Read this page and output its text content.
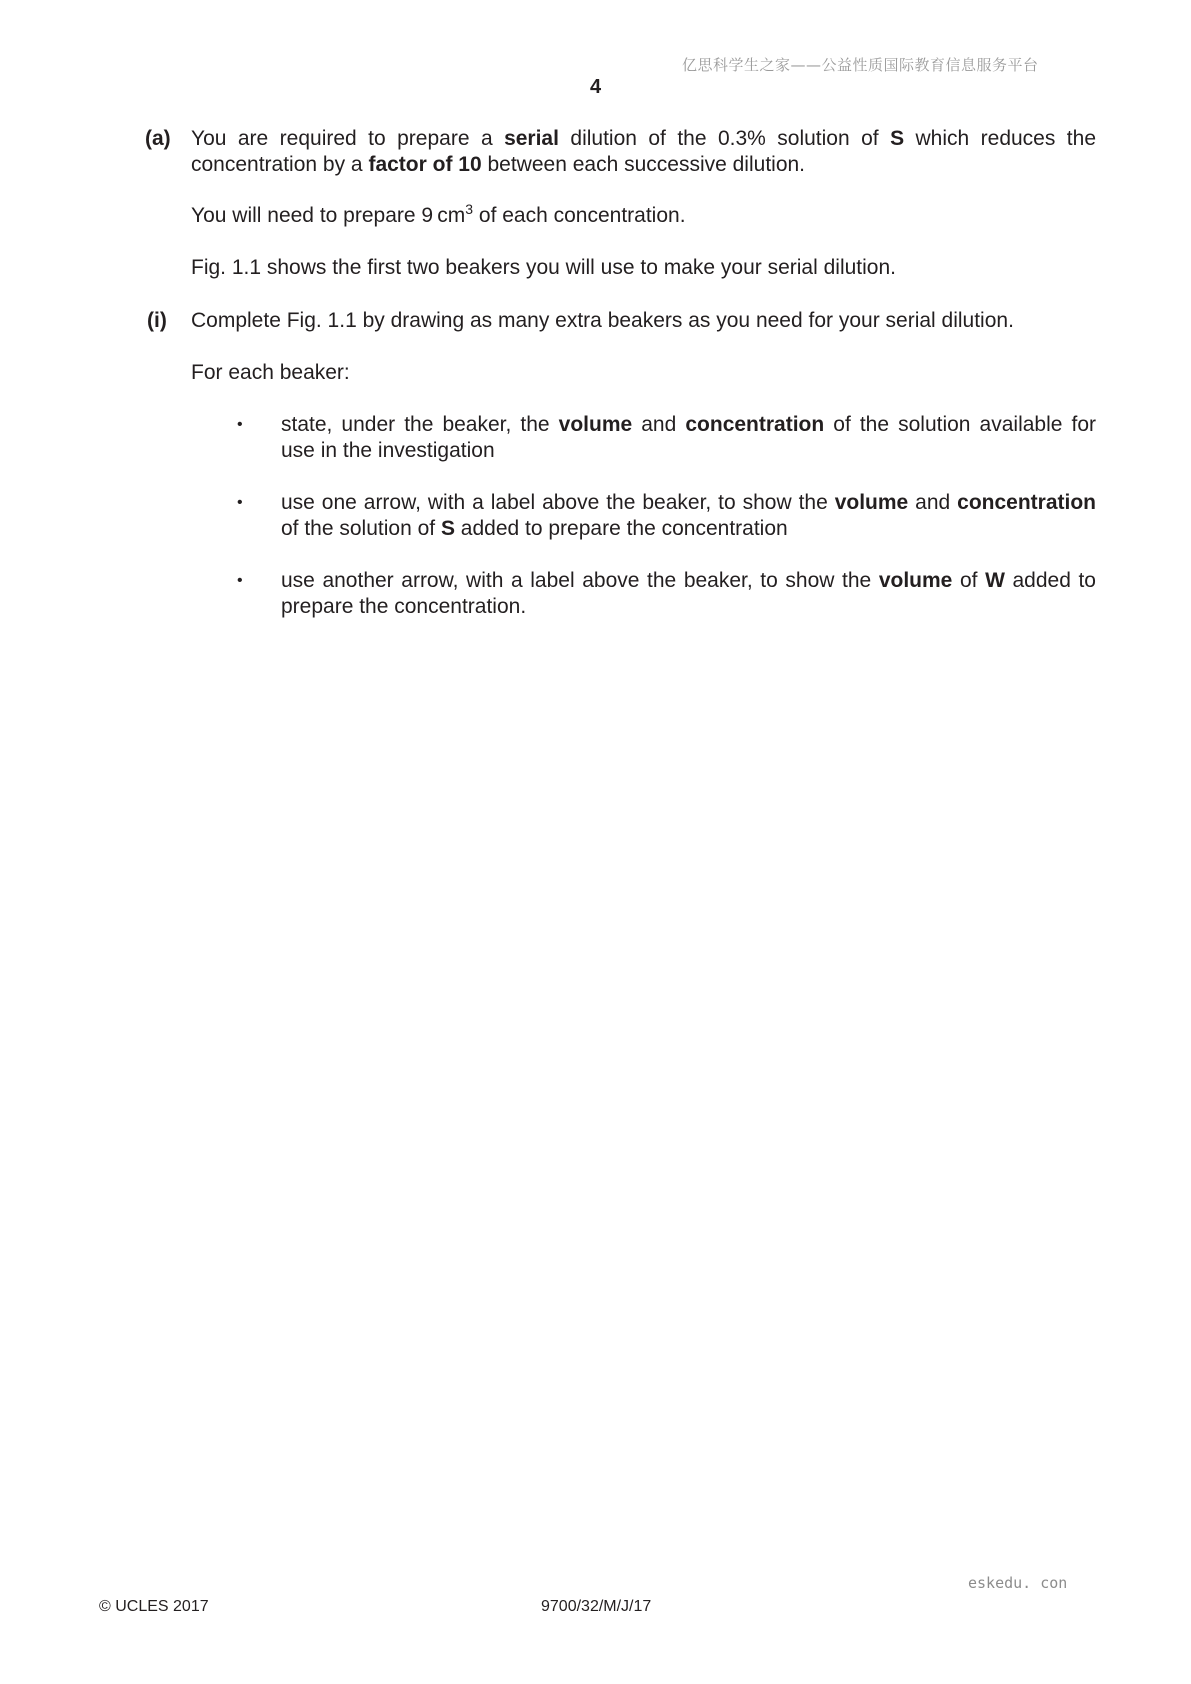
亿思科学生之家——公益性质国际教育信息服务平台
4
(a) You are required to prepare a serial dilution of the 0.3% solution of S which reduces the concentration by a factor of 10 between each successive dilution.
You will need to prepare 9 $cm^3$ of each concentration.
Fig. 1.1 shows the first two beakers you will use to make your serial dilution.
(i) Complete Fig. 1.1 by drawing as many extra beakers as you need for your serial dilution.
For each beaker:
• state, under the beaker, the volume and concentration of the solution available for use in the investigation
• use one arrow, with a label above the beaker, to show the volume and concentration of the solution of S added to prepare the concentration
• use another arrow, with a label above the beaker, to show the volume of W added to prepare the concentration.
eskedu. con
© UCLES 2017	9700/32/M/J/17
